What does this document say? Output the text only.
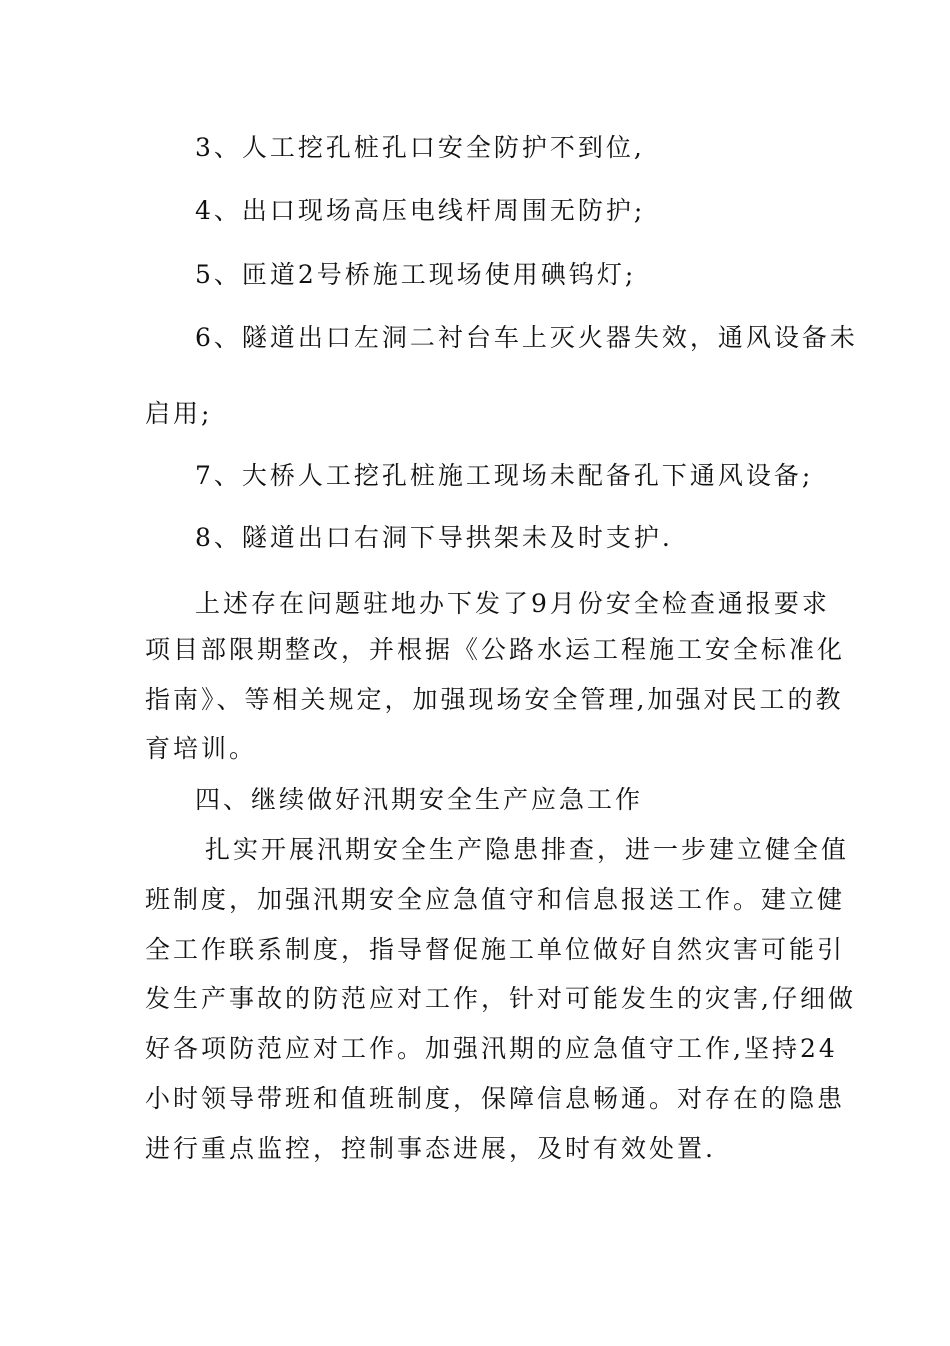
3、人工挖孔桩孔口安全防护不到位,
4、出口现场高压电线杆周围无防护;
5、匝道2号桥施工现场使用碘钨灯;
6、隧道出口左洞二衬台车上灭火器失效，通风设备未
启用;
7、大桥人工挖孔桩施工现场未配备孔下通风设备;
8、隧道出口右洞下导拱架未及时支护.
上述存在问题驻地办下发了9月份安全检查通报要求
项目部限期整改，并根据《公路水运工程施工安全标准化
指南》、等相关规定，加强现场安全管理,加强对民工的教
育培训。
四、继续做好汛期安全生产应急工作
扎实开展汛期安全生产隐患排查，进一步建立健全值
班制度，加强汛期安全应急值守和信息报送工作。建立健
全工作联系制度，指导督促施工单位做好自然灾害可能引
发生产事故的防范应对工作，针对可能发生的灾害,仔细做
好各项防范应对工作。加强汛期的应急值守工作,坚持24
小时领导带班和值班制度，保障信息畅通。对存在的隐患
进行重点监控，控制事态进展，及时有效处置.
